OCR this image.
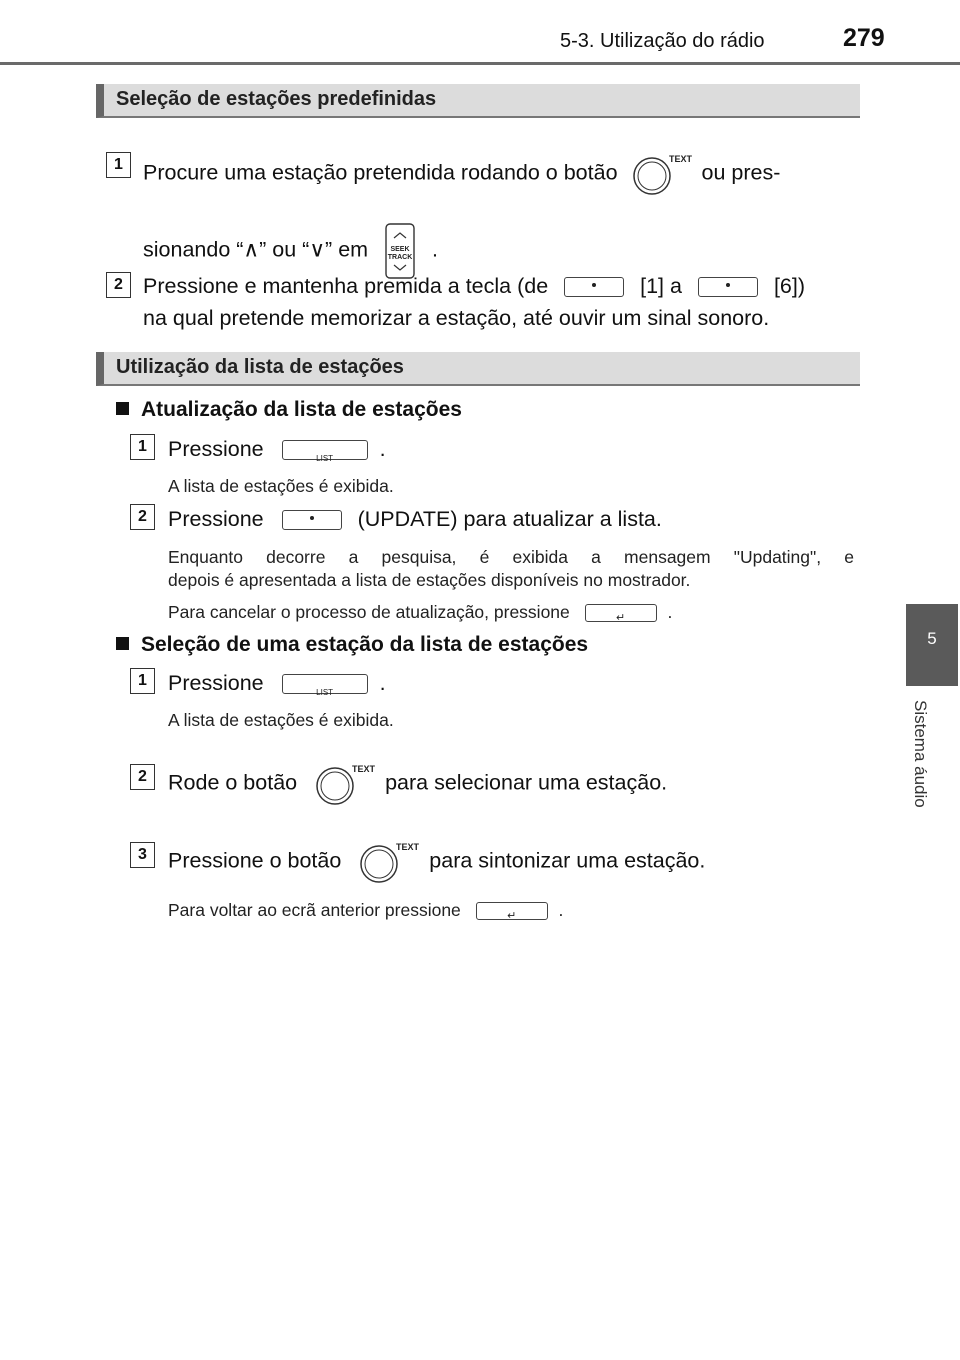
5-3. Utilização do rádio	279
5
Sistema áudio
Seleção de estações predefinidas
1 Procure uma estação pretendida rodando o botão
TEXT
ou pres-
sionando “∧” ou “∨” em	SEEK
TRACK .
2 Pressione e mantenha premida a tecla (de	[1] a	[6])
na qual pretende memorizar a estação, até ouvir um sinal sonoro.
Utilização da lista de estações
Atualização da lista de estações
1 Pressione	LIST	.
A lista de estações é exibida.
2 Pressione	(UPDATE) para atualizar a lista.
Enquanto decorre a pesquisa, é exibida a mensagem "Updating", e
depois é apresentada a lista de estações disponíveis no mostrador.
Para cancelar o processo de atualização, pressione	↵	.
Seleção de uma estação da lista de estações
1 Pressione	LIST	.
A lista de estações é exibida.
2 Rode o botão
TEXT
para selecionar uma estação.
3 Pressione o botão
TEXT
para sintonizar uma estação.
Para voltar ao ecrã anterior pressione	↵	.
